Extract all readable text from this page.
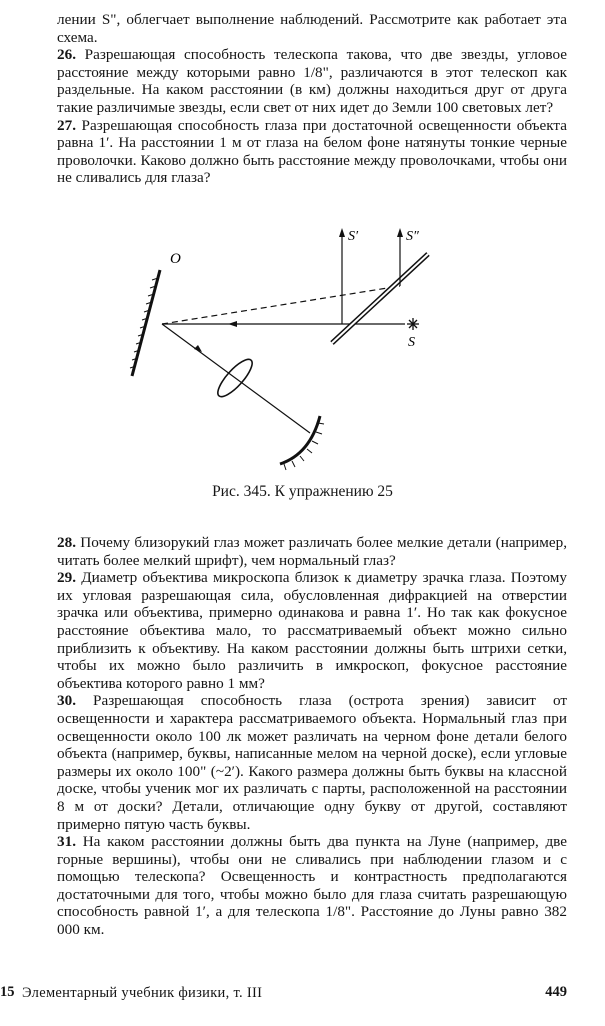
лении S", облегчает выполнение наблюдений. Рассмотрите как работает эта схема.

26. Разрешающая способность телескопа такова, что две звезды, угловое расстояние между которыми равно 1/8", различаются в этот телескоп как раздельные. На каком расстоянии (в км) должны находиться друг от друга такие различимые звезды, если свет от них идет до Земли 100 световых лет?

27. Разрешающая способность глаза при достаточной освещенности объекта равна 1′. На расстоянии 1 м от глаза на белом фоне натянуты тонкие черные проволочки. Каково должно быть расстояние между проволочками, чтобы они не сливались для глаза?

O
S′	S″
S
Рис. 345. К упражнению 25

28. Почему близорукий глаз может различать более мелкие детали (например, читать более мелкий шрифт), чем нормальный глаз?

29. Диаметр объектива микроскопа близок к диаметру зрачка глаза. Поэтому их угловая разрешающая сила, обусловленная дифракцией на отверстии зрачка или объектива, примерно одинакова и равна 1′. Но так как фокусное расстояние объектива мало, то рассматриваемый объект можно сильно приблизить к объективу. На каком расстоянии должны быть штрихи сетки, чтобы их можно было различить в имкроскоп, фокусное расстояние объектива которого равно 1 мм?

30. Разрешающая способность глаза (острота зрения) зависит от освещенности и характера рассматриваемого объекта. Нормальный глаз при освещенности около 100 лк может различать на черном фоне детали белого объекта (например, буквы, написанные мелом на черной доске), если угловые размеры их около 100" (~2′). Какого размера должны быть буквы на классной доске, чтобы ученик мог их различать с парты, расположенной на расстоянии 8 м от доски? Детали, отличающие одну букву от другой, составляют примерно пятую часть буквы.

31. На каком расстоянии должны быть два пункта на Луне (например, две горные вершины), чтобы они не сливались при наблюдении глазом и с помощью телескопа? Освещенность и контрастность предполагаются достаточными для того, чтобы можно было для глаза считать разрешающую способность равной 1′, а для телескопа 1/8". Расстояние до Луны равно 382 000 км.

15 Элементарный учебник физики, т. III	449
